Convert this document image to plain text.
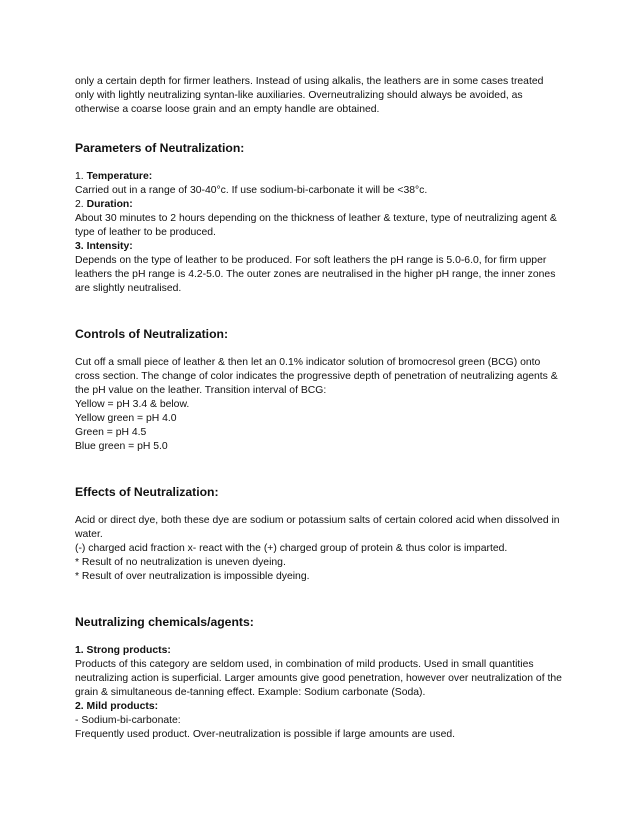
only a certain depth for firmer leathers. Instead of using alkalis, the leathers are in some cases treated only with lightly neutralizing syntan-like auxiliaries. Overneutralizing should always be avoided, as otherwise a coarse loose grain and an empty handle are obtained.

Parameters of Neutralization:

1. Temperature:

Carried out in a range of 30-40°c. If use sodium-bi-carbonate it will be <38°c.

2. Duration:

About 30 minutes to 2 hours depending on the thickness of leather & texture, type of neutralizing agent & type of leather to be produced.

3. Intensity:

Depends on the type of leather to be produced. For soft leathers the pH range is 5.0-6.0, for firm upper leathers the pH range is 4.2-5.0. The outer zones are neutralised in the higher pH range, the inner zones are slightly neutralised.

Controls of Neutralization:

Cut off a small piece of leather & then let an 0.1% indicator solution of bromocresol green (BCG) onto cross section. The change of color indicates the progressive depth of penetration of neutralizing agents & the pH value on the leather. Transition interval of BCG:

Yellow = pH 3.4 & below.

Yellow green = pH 4.0

Green = pH 4.5

Blue green = pH 5.0

Effects of Neutralization:

Acid or direct dye, both these dye are sodium or potassium salts of certain colored acid when dissolved in water.

(-) charged acid fraction x- react with the (+) charged group of protein & thus color is imparted.

* Result of no neutralization is uneven dyeing.

* Result of over neutralization is impossible dyeing.

Neutralizing chemicals/agents:

1. Strong products:

Products of this category are seldom used, in combination of mild products. Used in small quantities neutralizing action is superficial. Larger amounts give good penetration, however over neutralization of the grain & simultaneous de-tanning effect. Example: Sodium carbonate (Soda).

2. Mild products:

- Sodium-bi-carbonate:

Frequently used product. Over-neutralization is possible if large amounts are used.
